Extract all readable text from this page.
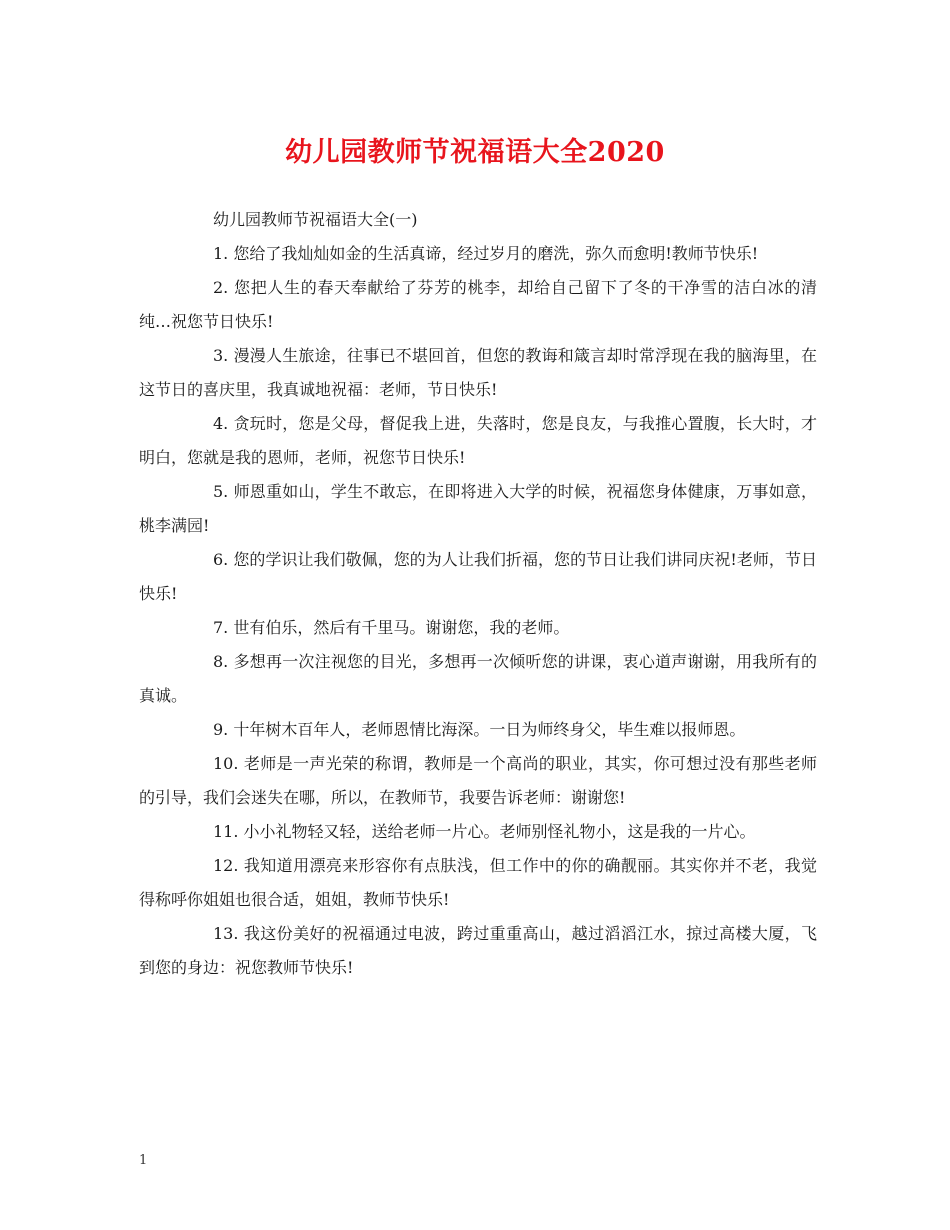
幼儿园教师节祝福语大全2020

幼儿园教师节祝福语大全(一)

1. 您给了我灿灿如金的生活真谛，经过岁月的磨洗，弥久而愈明!教师节快乐!

2. 您把人生的春天奉献给了芬芳的桃李，却给自己留下了冬的干净雪的洁白冰的清纯…祝您节日快乐!

3. 漫漫人生旅途，往事已不堪回首，但您的教诲和箴言却时常浮现在我的脑海里，在这节日的喜庆里，我真诚地祝福：老师，节日快乐!

4. 贪玩时，您是父母，督促我上进，失落时，您是良友，与我推心置腹，长大时，才明白，您就是我的恩师，老师，祝您节日快乐!

5. 师恩重如山，学生不敢忘，在即将进入大学的时候，祝福您身体健康，万事如意，桃李满园!

6. 您的学识让我们敬佩，您的为人让我们折福，您的节日让我们讲同庆祝!老师，节日快乐!

7. 世有伯乐，然后有千里马。谢谢您，我的老师。

8. 多想再一次注视您的目光，多想再一次倾听您的讲课，衷心道声谢谢，用我所有的真诚。

9. 十年树木百年人，老师恩情比海深。一日为师终身父，毕生难以报师恩。

10. 老师是一声光荣的称谓，教师是一个高尚的职业，其实，你可想过没有那些老师的引导，我们会迷失在哪，所以，在教师节，我要告诉老师：谢谢您!

11. 小小礼物轻又轻，送给老师一片心。老师别怪礼物小，这是我的一片心。

12. 我知道用漂亮来形容你有点肤浅，但工作中的你的确靓丽。其实你并不老，我觉得称呼你姐姐也很合适，姐姐，教师节快乐!

13. 我这份美好的祝福通过电波，跨过重重高山，越过滔滔江水，掠过高楼大厦，飞到您的身边：祝您教师节快乐!

1
